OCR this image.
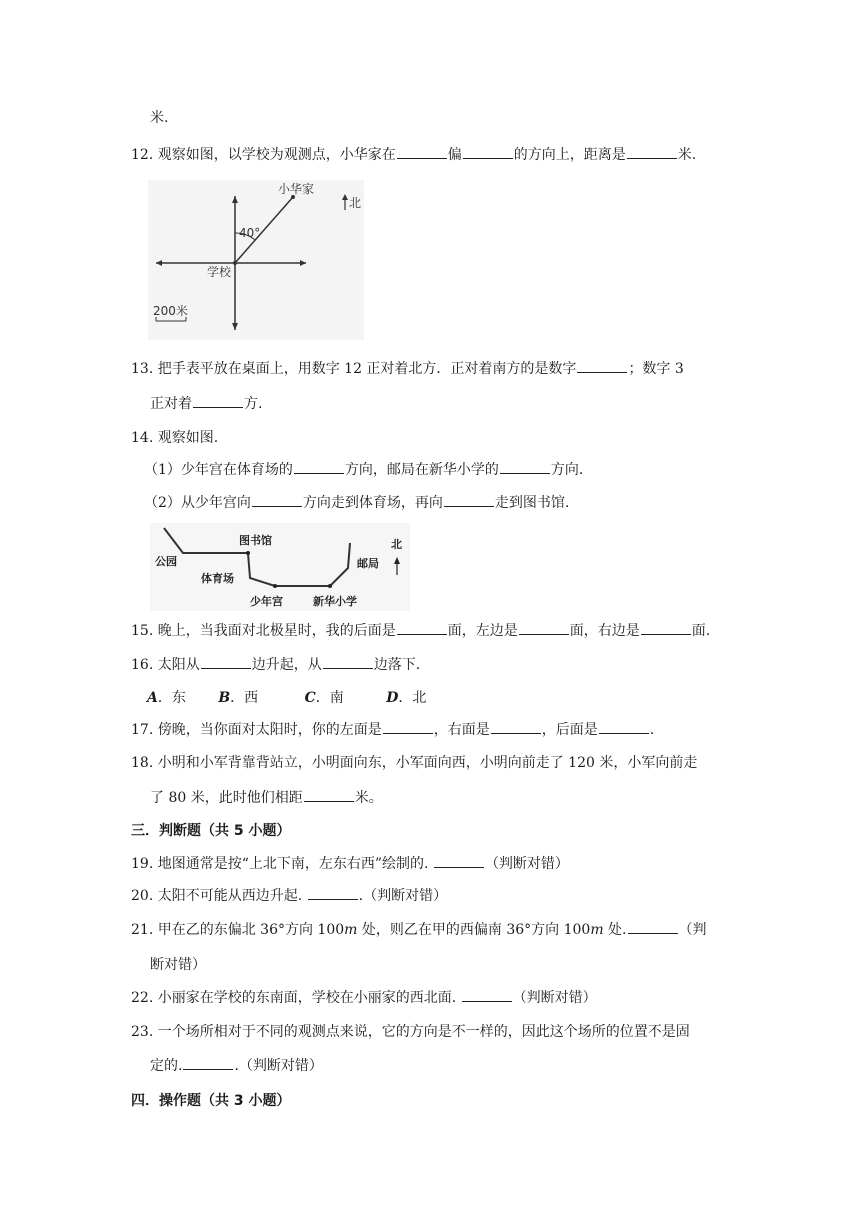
米.
12. 观察如图，以学校为观测点，小华家在	偏	的方向上，距离是	米.
40°
小华家
学校
北
200米
13. 把手表平放在桌面上，用数字 12 正对着北方．正对着南方的是数字	；数字 3
正对着	方.
14. 观察如图.
（1）少年宫在体育场的	方向，邮局在新华小学的	方向.
（2）从少年宫向	方向走到体育场，再向	走到图书馆.
图书馆
公园
体育场
少年宫	新华小学
邮局
北
15. 晚上，当我面对北极星时，我的后面是	面，左边是	面，右边是	面.
16. 太阳从	边升起，从	边落下.
A．东 B．西	C．南	D．北
17. 傍晚，当你面对太阳时，你的左面是	，右面是	，后面是	.
18. 小明和小军背靠背站立，小明面向东，小军面向西，小明向前走了 120 米，小军向前走
了 80 米，此时他们相距	米。
三．判断题（共 5 小题）
19. 地图通常是按“上北下南，左东右西”绘制的.	（判断对错）
20. 太阳不可能从西边升起.	.（判断对错）
21. 甲在乙的东偏北 36°方向 100m 处，则乙在甲的西偏南 36°方向 100m 处.	（判
断对错）
22. 小丽家在学校的东南面，学校在小丽家的西北面.	（判断对错）
23. 一个场所相对于不同的观测点来说，它的方向是不一样的，因此这个场所的位置不是固
定的.	.（判断对错）
四．操作题（共 3 小题）
